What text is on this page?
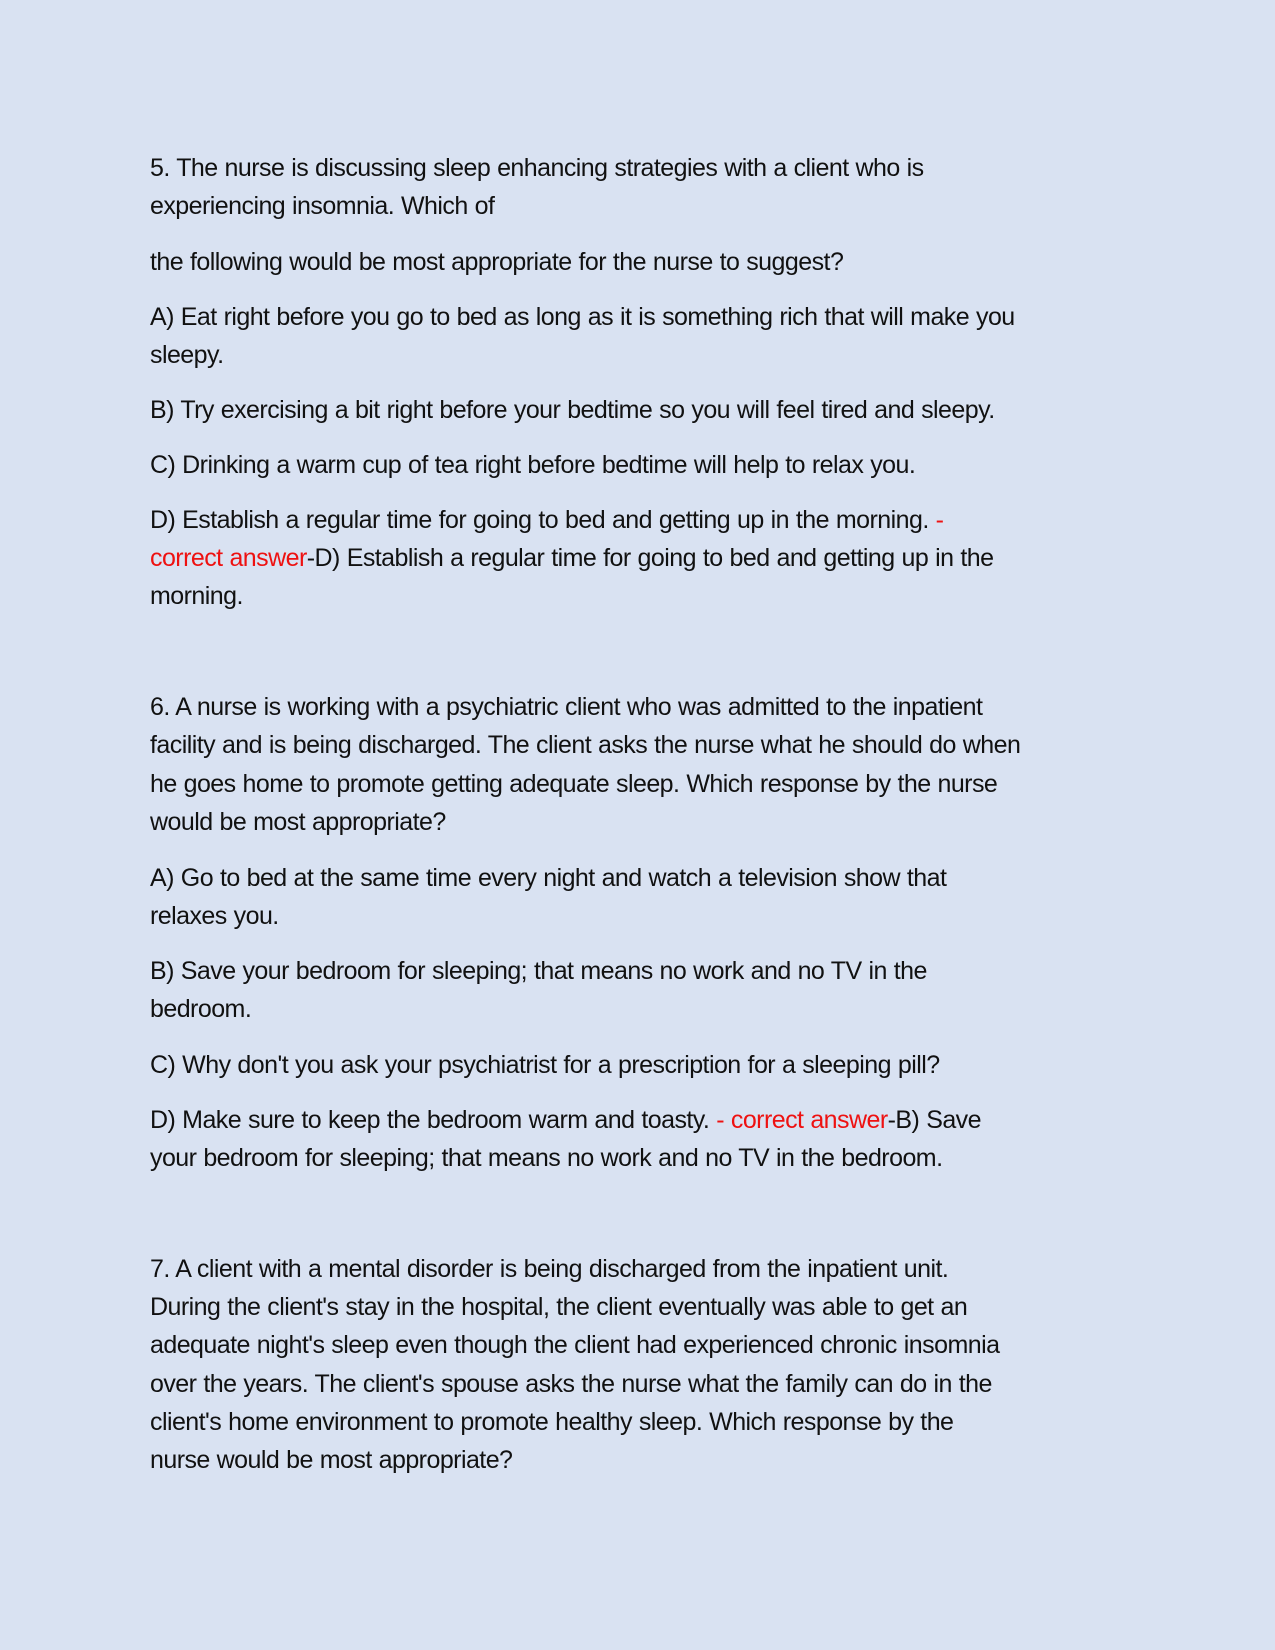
5. The nurse is discussing sleep enhancing strategies with a client who is
experiencing insomnia. Which of
the following would be most appropriate for the nurse to suggest?
A) Eat right before you go to bed as long as it is something rich that will make you
sleepy.
B) Try exercising a bit right before your bedtime so you will feel tired and sleepy.
C) Drinking a warm cup of tea right before bedtime will help to relax you.
D) Establish a regular time for going to bed and getting up in the morning. -
correct answer-D) Establish a regular time for going to bed and getting up in the
morning.
6. A nurse is working with a psychiatric client who was admitted to the inpatient
facility and is being discharged. The client asks the nurse what he should do when
he goes home to promote getting adequate sleep. Which response by the nurse
would be most appropriate?
A) Go to bed at the same time every night and watch a television show that
relaxes you.
B) Save your bedroom for sleeping; that means no work and no TV in the
bedroom.
C) Why don't you ask your psychiatrist for a prescription for a sleeping pill?
D) Make sure to keep the bedroom warm and toasty. - correct answer-B) Save
your bedroom for sleeping; that means no work and no TV in the bedroom.
7. A client with a mental disorder is being discharged from the inpatient unit.
During the client's stay in the hospital, the client eventually was able to get an
adequate night's sleep even though the client had experienced chronic insomnia
over the years. The client's spouse asks the nurse what the family can do in the
client's home environment to promote healthy sleep. Which response by the
nurse would be most appropriate?
